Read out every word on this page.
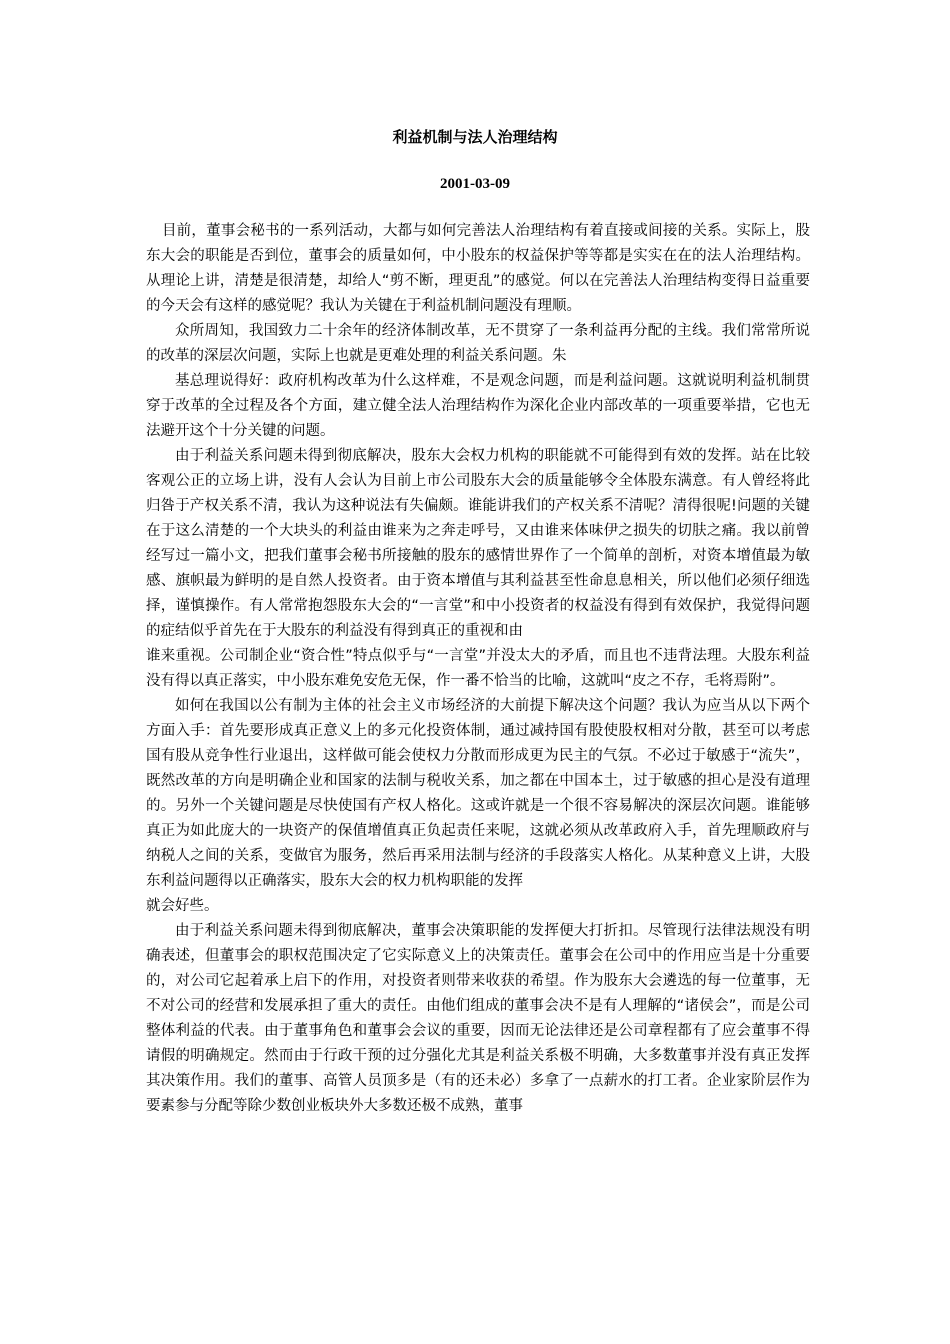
利益机制与法人治理结构
2001-03-09

目前，董事会秘书的一系列活动，大都与如何完善法人治理结构有着直接或间接的关系。实际上，股东大会的职能是否到位，董事会的质量如何，中小股东的权益保护等等都是实实在在的法人治理结构。从理论上讲，清楚是很清楚，却给人“剪不断，理更乱”的感觉。何以在完善法人治理结构变得日益重要的今天会有这样的感觉呢？我认为关键在于利益机制问题没有理顺。

众所周知，我国致力二十余年的经济体制改革，无不贯穿了一条利益再分配的主线。我们常常所说的改革的深层次问题，实际上也就是更难处理的利益关系问题。朱

基总理说得好：政府机构改革为什么这样难，不是观念问题，而是利益问题。这就说明利益机制贯穿于改革的全过程及各个方面，建立健全法人治理结构作为深化企业内部改革的一项重要举措，它也无法避开这个十分关键的问题。

由于利益关系问题未得到彻底解决，股东大会权力机构的职能就不可能得到有效的发挥。站在比较客观公正的立场上讲，没有人会认为目前上市公司股东大会的质量能够令全体股东满意。有人曾经将此归咎于产权关系不清，我认为这种说法有失偏颇。谁能讲我们的产权关系不清呢？清得很呢!问题的关键在于这么清楚的一个大块头的利益由谁来为之奔走呼号，又由谁来体味伊之损失的切肤之痛。我以前曾经写过一篇小文，把我们董事会秘书所接触的股东的感情世界作了一个简单的剖析，对资本增值最为敏感、旗帜最为鲜明的是自然人投资者。由于资本增值与其利益甚至性命息息相关，所以他们必须仔细选择，谨慎操作。有人常常抱怨股东大会的“一言堂”和中小投资者的权益没有得到有效保护，我觉得问题的症结似乎首先在于大股东的利益没有得到真正的重视和由

谁来重视。公司制企业“资合性”特点似乎与“一言堂”并没太大的矛盾，而且也不违背法理。大股东利益没有得以真正落实，中小股东难免安危无保，作一番不恰当的比喻，这就叫“皮之不存，毛将焉附”。

如何在我国以公有制为主体的社会主义市场经济的大前提下解决这个问题？我认为应当从以下两个方面入手：首先要形成真正意义上的多元化投资体制，通过减持国有股使股权相对分散，甚至可以考虑国有股从竞争性行业退出，这样做可能会使权力分散而形成更为民主的气氛。不必过于敏感于“流失”，既然改革的方向是明确企业和国家的法制与税收关系，加之都在中国本土，过于敏感的担心是没有道理的。另外一个关键问题是尽快使国有产权人格化。这或许就是一个很不容易解决的深层次问题。谁能够真正为如此庞大的一块资产的保值增值真正负起责任来呢，这就必须从改革政府入手，首先理顺政府与纳税人之间的关系，变做官为服务，然后再采用法制与经济的手段落实人格化。从某种意义上讲，大股东利益问题得以正确落实，股东大会的权力机构职能的发挥

就会好些。

由于利益关系问题未得到彻底解决，董事会决策职能的发挥便大打折扣。尽管现行法律法规没有明确表述，但董事会的职权范围决定了它实际意义上的决策责任。董事会在公司中的作用应当是十分重要的，对公司它起着承上启下的作用，对投资者则带来收获的希望。作为股东大会遴选的每一位董事，无不对公司的经营和发展承担了重大的责任。由他们组成的董事会决不是有人理解的“诸侯会”，而是公司整体利益的代表。由于董事角色和董事会会议的重要，因而无论法律还是公司章程都有了应会董事不得请假的明确规定。然而由于行政干预的过分强化尤其是利益关系极不明确，大多数董事并没有真正发挥其决策作用。我们的董事、高管人员顶多是（有的还未必）多拿了一点薪水的打工者。企业家阶层作为要素参与分配等除少数创业板块外大多数还极不成熟，董事
